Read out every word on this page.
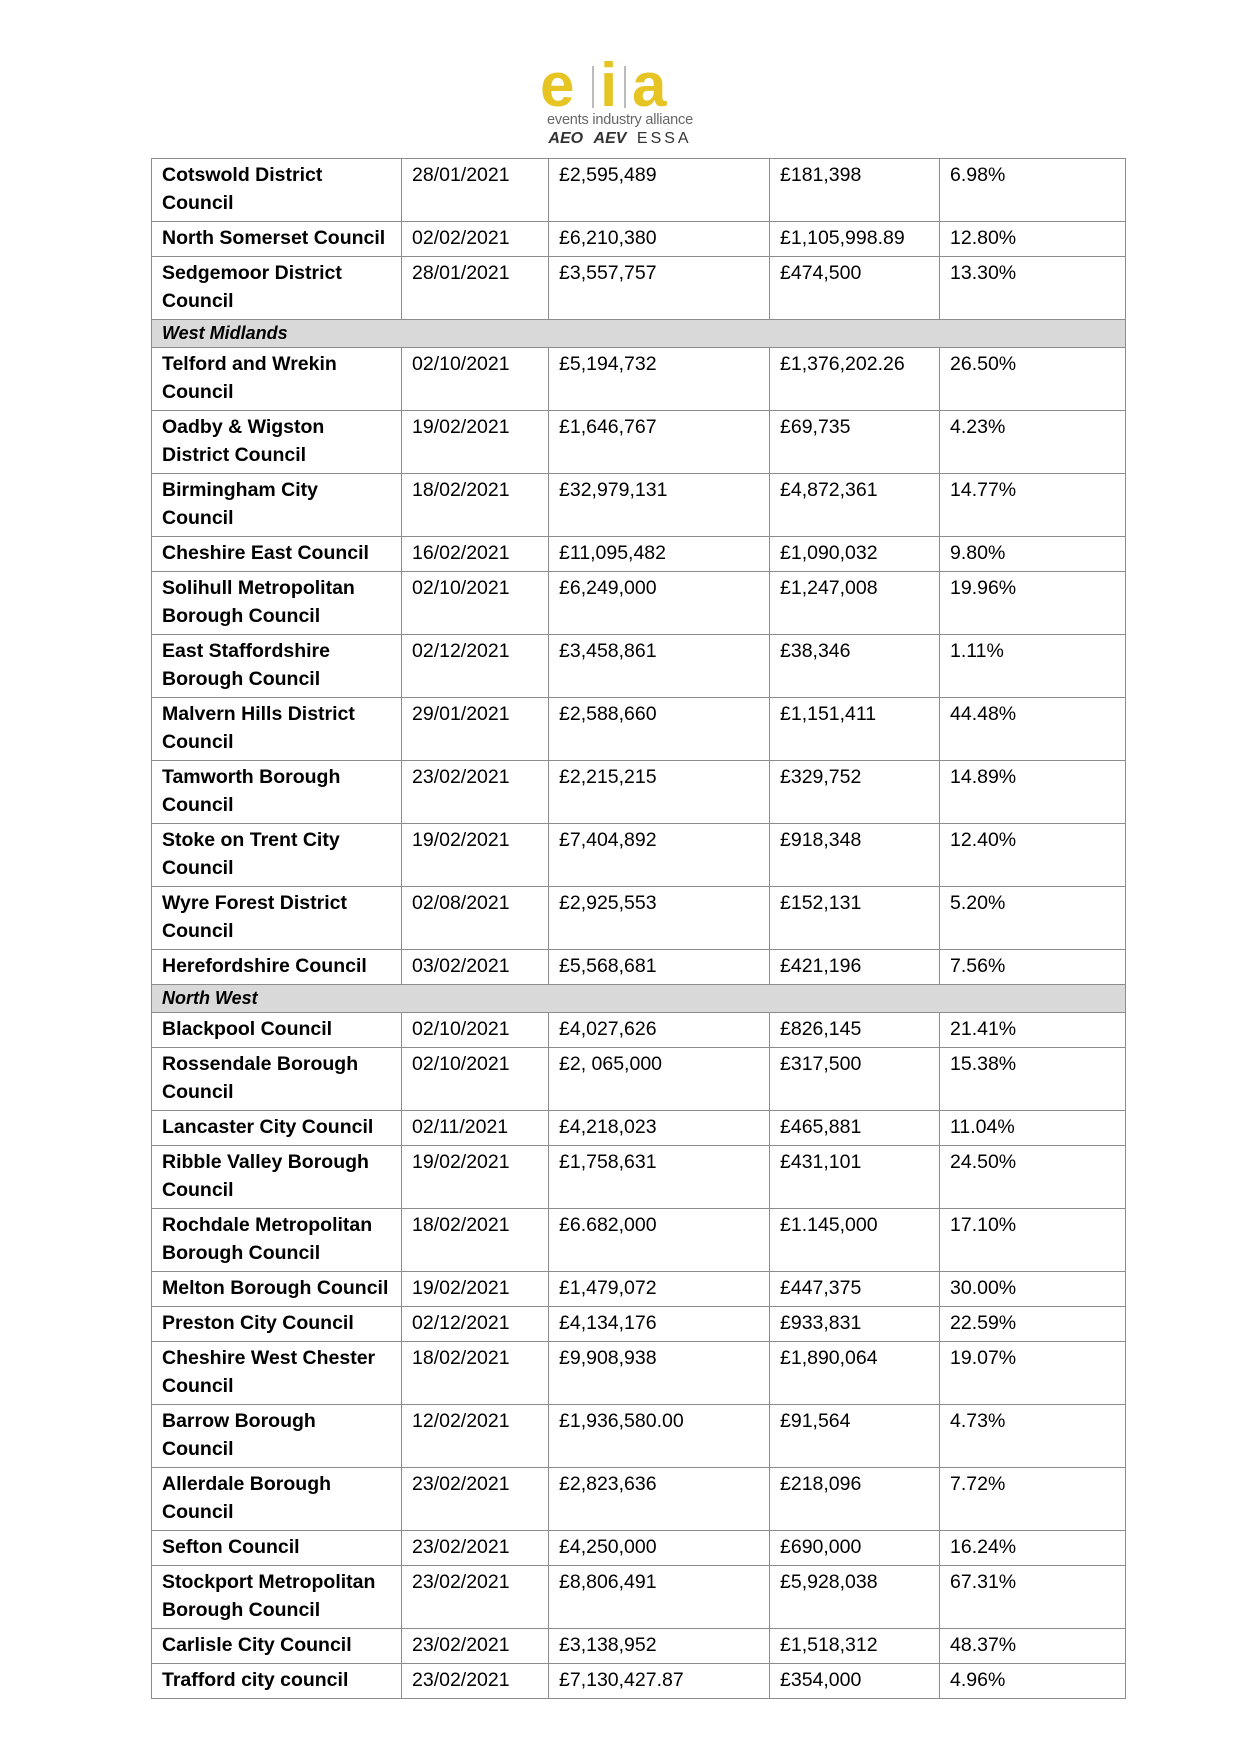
e i a
events industry alliance
AEO AEV ESSA
Cotswold District Council	28/01/2021	£2,595,489	£181,398	6.98%
North Somerset Council	02/02/2021	£6,210,380	£1,105,998.89	12.80%
Sedgemoor District Council	28/01/2021	£3,557,757	£474,500	13.30%
West Midlands				
Telford and Wrekin Council	02/10/2021	£5,194,732	£1,376,202.26	26.50%
Oadby & Wigston District Council	19/02/2021	£1,646,767	£69,735	4.23%
Birmingham City Council	18/02/2021	£32,979,131	£4,872,361	14.77%
Cheshire East Council	16/02/2021	£11,095,482	£1,090,032	9.80%
Solihull Metropolitan Borough Council	02/10/2021	£6,249,000	£1,247,008	19.96%
East Staffordshire Borough Council	02/12/2021	£3,458,861	£38,346	1.11%
Malvern Hills District Council	29/01/2021	£2,588,660	£1,151,411	44.48%
Tamworth Borough Council	23/02/2021	£2,215,215	£329,752	14.89%
Stoke on Trent City Council	19/02/2021	£7,404,892	£918,348	12.40%
Wyre Forest District Council	02/08/2021	£2,925,553	£152,131	5.20%
Herefordshire Council	03/02/2021	£5,568,681	£421,196	7.56%
North West				
Blackpool Council	02/10/2021	£4,027,626	£826,145	21.41%
Rossendale Borough Council	02/10/2021	£2, 065,000	£317,500	15.38%
Lancaster City Council	02/11/2021	£4,218,023	£465,881	11.04%
Ribble Valley Borough Council	19/02/2021	£1,758,631	£431,101	24.50%
Rochdale Metropolitan Borough Council	18/02/2021	£6.682,000	£1.145,000	17.10%
Melton Borough Council	19/02/2021	£1,479,072	£447,375	30.00%
Preston City Council	02/12/2021	£4,134,176	£933,831	22.59%
Cheshire West Chester Council	18/02/2021	£9,908,938	£1,890,064	19.07%
Barrow Borough Council	12/02/2021	£1,936,580.00	£91,564	4.73%
Allerdale Borough Council	23/02/2021	£2,823,636	£218,096	7.72%
Sefton Council	23/02/2021	£4,250,000	£690,000	16.24%
Stockport Metropolitan Borough Council	23/02/2021	£8,806,491	£5,928,038	67.31%
Carlisle City Council	23/02/2021	£3,138,952	£1,518,312	48.37%
Trafford city council	23/02/2021	£7,130,427.87	£354,000	4.96%
